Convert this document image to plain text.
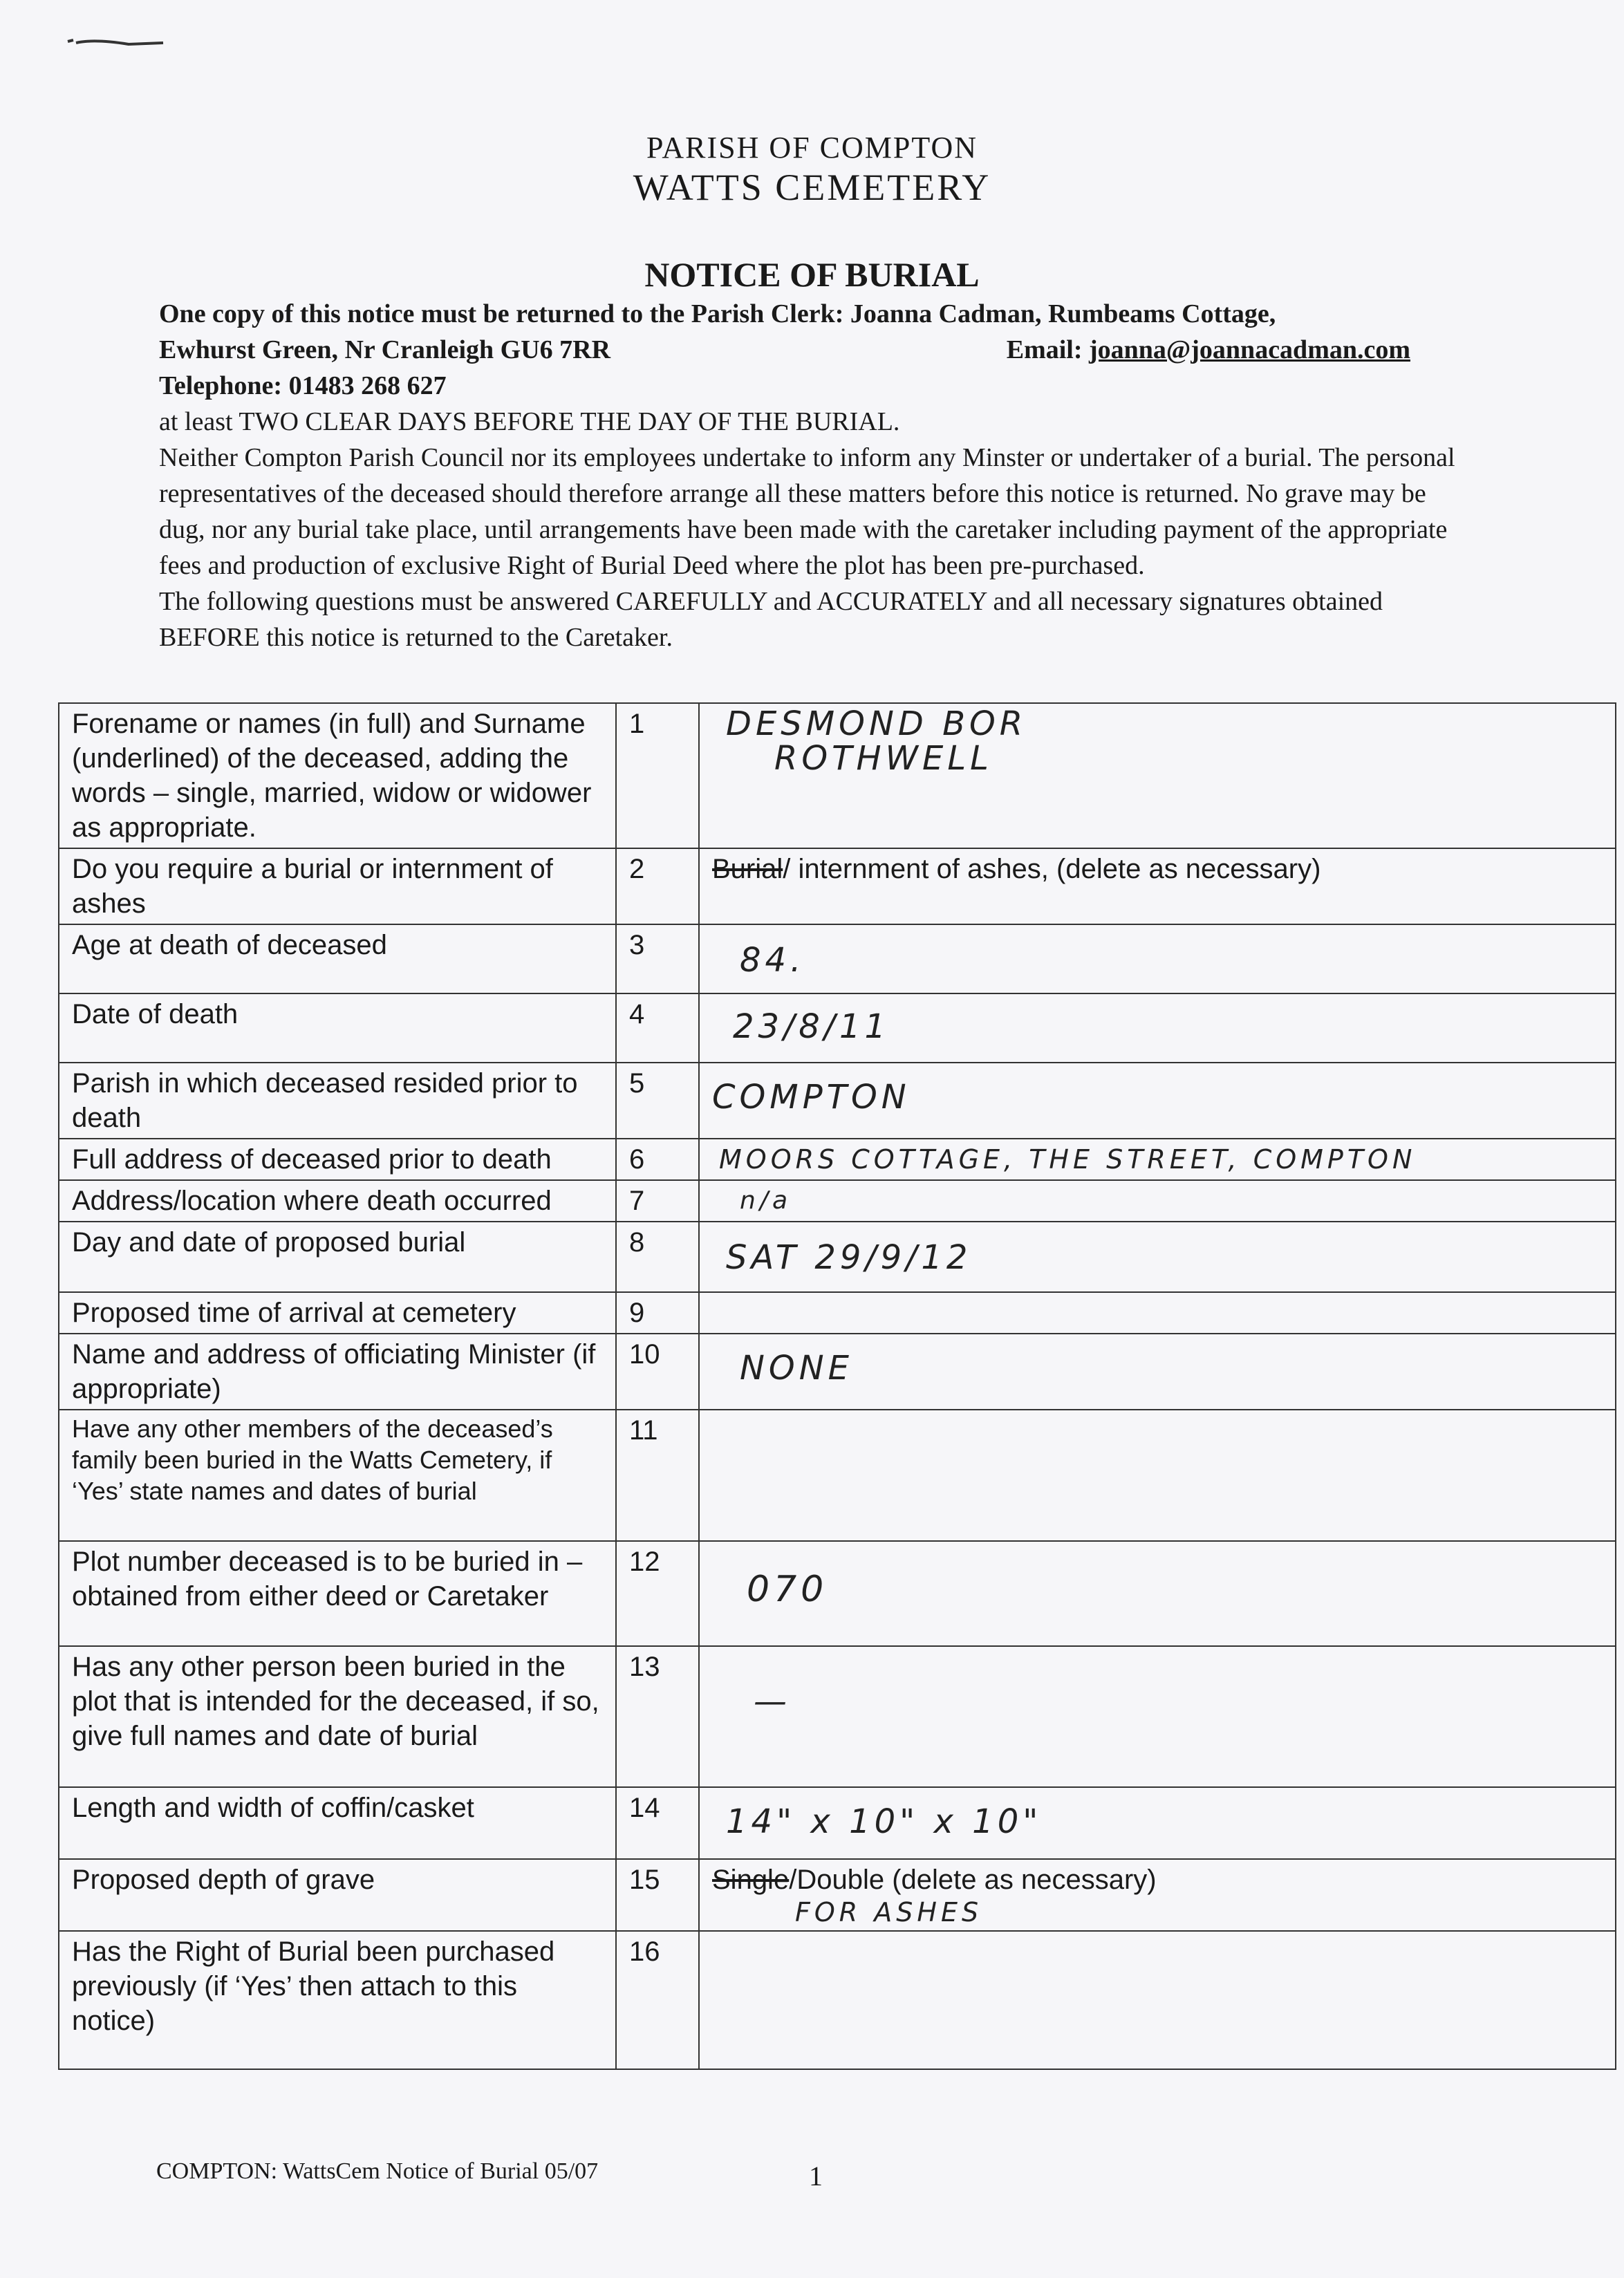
PARISH OF COMPTON
WATTS CEMETERY
NOTICE OF BURIAL
One copy of this notice must be returned to the Parish Clerk: Joanna Cadman, Rumbeams Cottage,
Ewhurst Green, Nr Cranleigh GU6 7RR	Email: joanna@joannacadman.com
Telephone: 01483 268 627

at least TWO CLEAR DAYS BEFORE THE DAY OF THE BURIAL.

Neither Compton Parish Council nor its employees undertake to inform any Minster or undertaker of a burial. The personal representatives of the deceased should therefore arrange all these matters before this notice is returned. No grave may be dug, nor any burial take place, until arrangements have been made with the caretaker including payment of the appropriate fees and production of exclusive Right of Burial Deed where the plot has been pre-purchased.

The following questions must be answered CAREFULLY and ACCURATELY and all necessary signatures obtained BEFORE this notice is returned to the Caretaker.

Forename or names (in full) and Surname (underlined) of the deceased, adding the words – single, married, widow or widower as appropriate.	1	DESMOND BOR
ROTHWELL

Do you require a burial or internment of ashes	2	Burial/ internment of ashes, (delete as necessary)
Age at death of deceased	3	84.

Date of death	4	23/8/11

Parish in which deceased resided prior to death	5	COMPTON

Full address of deceased prior to death	6	MOORS COTTAGE, THE STREET, COMPTON

Address/location where death occurred	7	n/a

Day and date of proposed burial	8	SAT 29/9/12

Proposed time of arrival at cemetery	9	
Name and address of officiating Minister (if appropriate)	10	NONE

Have any other members of the deceased’s family been buried in the Watts Cemetery, if ‘Yes’ state names and dates of burial	11	
Plot number deceased is to be buried in – obtained from either deed or Caretaker	12	070

Has any other person been buried in the plot that is intended for the deceased, if so, give full names and date of burial	13	—

Length and width of coffin/casket	14	14" x 10" x 10"

Proposed depth of grave	15	Single/Double (delete as necessary)
FOR ASHES

Has the Right of Burial been purchased previously (if ‘Yes’ then attach to this notice)	16	
COMPTON: WattsCem Notice of Burial 05/07	1
